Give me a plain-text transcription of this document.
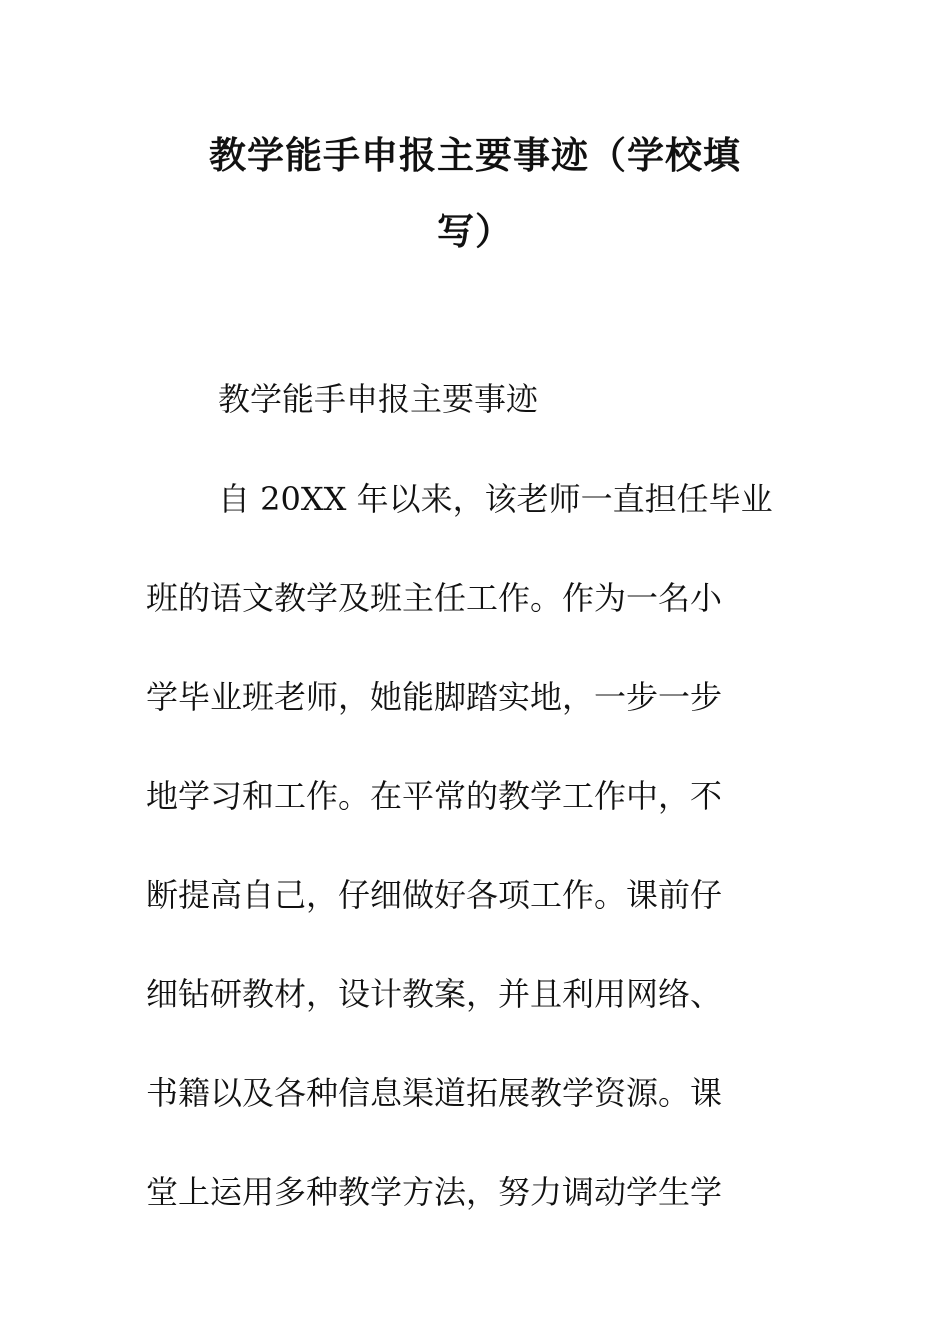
教学能手申报主要事迹（学校填
写）
教学能手申报主要事迹
自 20XX 年以来，该老师一直担任毕业
班的语文教学及班主任工作。作为一名小
学毕业班老师，她能脚踏实地，一步一步
地学习和工作。在平常的教学工作中，不
断提高自己，仔细做好各项工作。课前仔
细钻研教材，设计教案，并且利用网络、
书籍以及各种信息渠道拓展教学资源。课
堂上运用多种教学方法，努力调动学生学
